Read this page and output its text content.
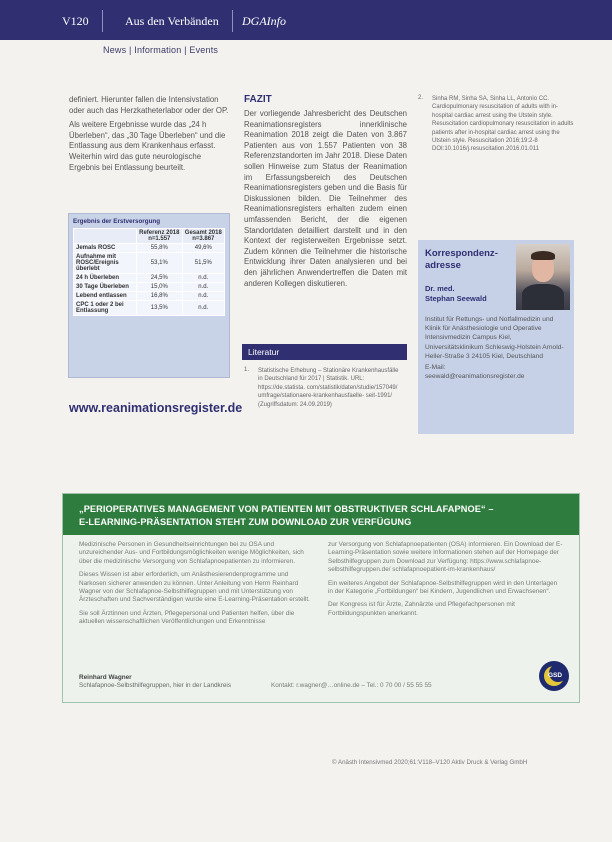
V120	Aus den Verbänden DGAInfo
News | Information | Events

definiert. Hierunter fallen die Intensivstation oder auch das Herzkatheterlabor oder der OP.

Als weitere Ergebnisse wurde das „24 h Überleben“, das „30 Tage Überleben“ und die Entlassung aus dem Krankenhaus erfasst. Weiterhin wird das gute neurologische Ergebnis bei Entlassung beurteilt.

Ergebnis der Erstversorgung
	Referenz 2018 n=1.557	Gesamt 2018 n=3.867
Jemals ROSC	55,8%	49,6%
Aufnahme mit ROSC/Ereignis überlebt	53,1%	51,5%
24 h Überleben	24,5%	n.d.
30 Tage Überleben	15,0%	n.d.
Lebend entlassen	16,8%	n.d.
CPC 1 oder 2 bei Entlassung	13,5%	n.d.
www.reanimationsregister.de
FAZIT
Der vorliegende Jahresbericht des Deutschen Reanimationsregisters innerklinische Reanimation 2018 zeigt die Daten von 3.867 Patienten aus von 1.557 Patienten von 38 Referenzstandorten im Jahr 2018. Diese Daten sollen Hinweise zum Status der Reanimation im Erfassungsbereich des Deutschen Reanimationsregisters geben und die Basis für Diskussionen bilden. Die Teilnehmer des Reanimationsregisters erhalten zudem einen umfassenden Bericht, der die eigenen Standortdaten detailliert darstellt und in den Kontext der registerweiten Ergebnisse setzt. Zudem können die Teilnehmer die historische Entwicklung ihrer Daten analysieren und bei den jährlichen Anwendertreffen die Daten mit anderen Kollegen diskutieren.
Literatur
1. Statistische Erhebung – Stationäre Krankenhausfälle in Deutschland für 2017 | Statistik. URL: https://de.statista. com/statistik/daten/studie/157049/ umfrage/stationaere-krankenhausfaelle- seit-1991/ (Zugriffsdatum: 24.09.2019)
2. Sinha RM, Sinha SA, Sinha LL, Antonio CC. Cardiopulmonary resuscitation of adults with in-hospital cardiac arrest using the Utstein style. Resuscitation cardiopulmonary resuscitation in adults patients after in-hospital cardiac arrest using the Utstein style. Resuscitation 2016;19:2-8 DOI:10.1016/j.resuscitation.2016.01.011
Korrespondenzadresse
Dr. med.
Stephan Seewald
Institut für Rettungs- und Notfallmedizin und Klinik für Anästhesiologie und Operative Intensivmedizin Campus Kiel, Universitätsklinikum Schleswig-Holstein Arnold-Heller-Straße 3 24105 Kiel, Deutschland
E-Mail:
seewald@reanimationsregister.de
„PERIOPERATIVES MANAGEMENT VON PATIENTEN MIT OBSTRUKTIVER SCHLAFAPNOE“ –
E-LEARNING-PRÄSENTATION STEHT ZUM DOWNLOAD ZUR VERFÜGUNG

Medizinische Personen in Gesundheitseinrichtungen bei zu OSA und unzureichender Aus- und Fortbildungsmöglichkeiten wenige Möglichkeiten, sich über die medizinische Versorgung von Schlafapnoepatienten zu informieren.

Dieses Wissen ist aber erforderlich, um Anästhesierendenprogramme und Narkosen sicherer anwenden zu können. Unter Anleitung von Herrn Reinhard Wagner von der Schlafapnoe-Selbsthilfegruppen und mit Unterstützung von Ärzteschaften und Sachverständigen wurde eine E-Learning-Präsentation erstellt.

Sie soll Ärztinnen und Ärzten, Pflegepersonal und Patienten helfen, über die aktuellen wissenschaftlichen Veröffentlichungen und Erkenntnisse

zur Versorgung von Schlafapnoepatienten (OSA) informieren. Ein Download der E-Learning-Präsentation sowie weitere Informationen stehen auf der Homepage der Selbsthilfegruppen zum Download zur Verfügung: https://www.schlafapnoe-selbsthilfegruppen.de/ schlafapnoepatient-im-krankenhaus/

Ein weiteres Angebot der Schlafapnoe-Selbsthilfegruppen wird in den Unterlagen in der Kategorie „Fortbildungen“ bei Kindern, Jugendlichen und Erwachsenen“.

Der Kongress ist für Ärzte, Zahnärzte und Pflegefachpersonen mit Fortbildungspunkten anerkannt.

Reinhard Wagner
Schlafapnoe-Selbsthilfegruppen, hier in der Landkreis	Kontakt: r.wagner@…online.de – Tel.: 0 70 00 / 55 55 55
GSD
© Anästh Intensivmed 2020;61:V118–V120 Aktiv Druck & Verlag GmbH
